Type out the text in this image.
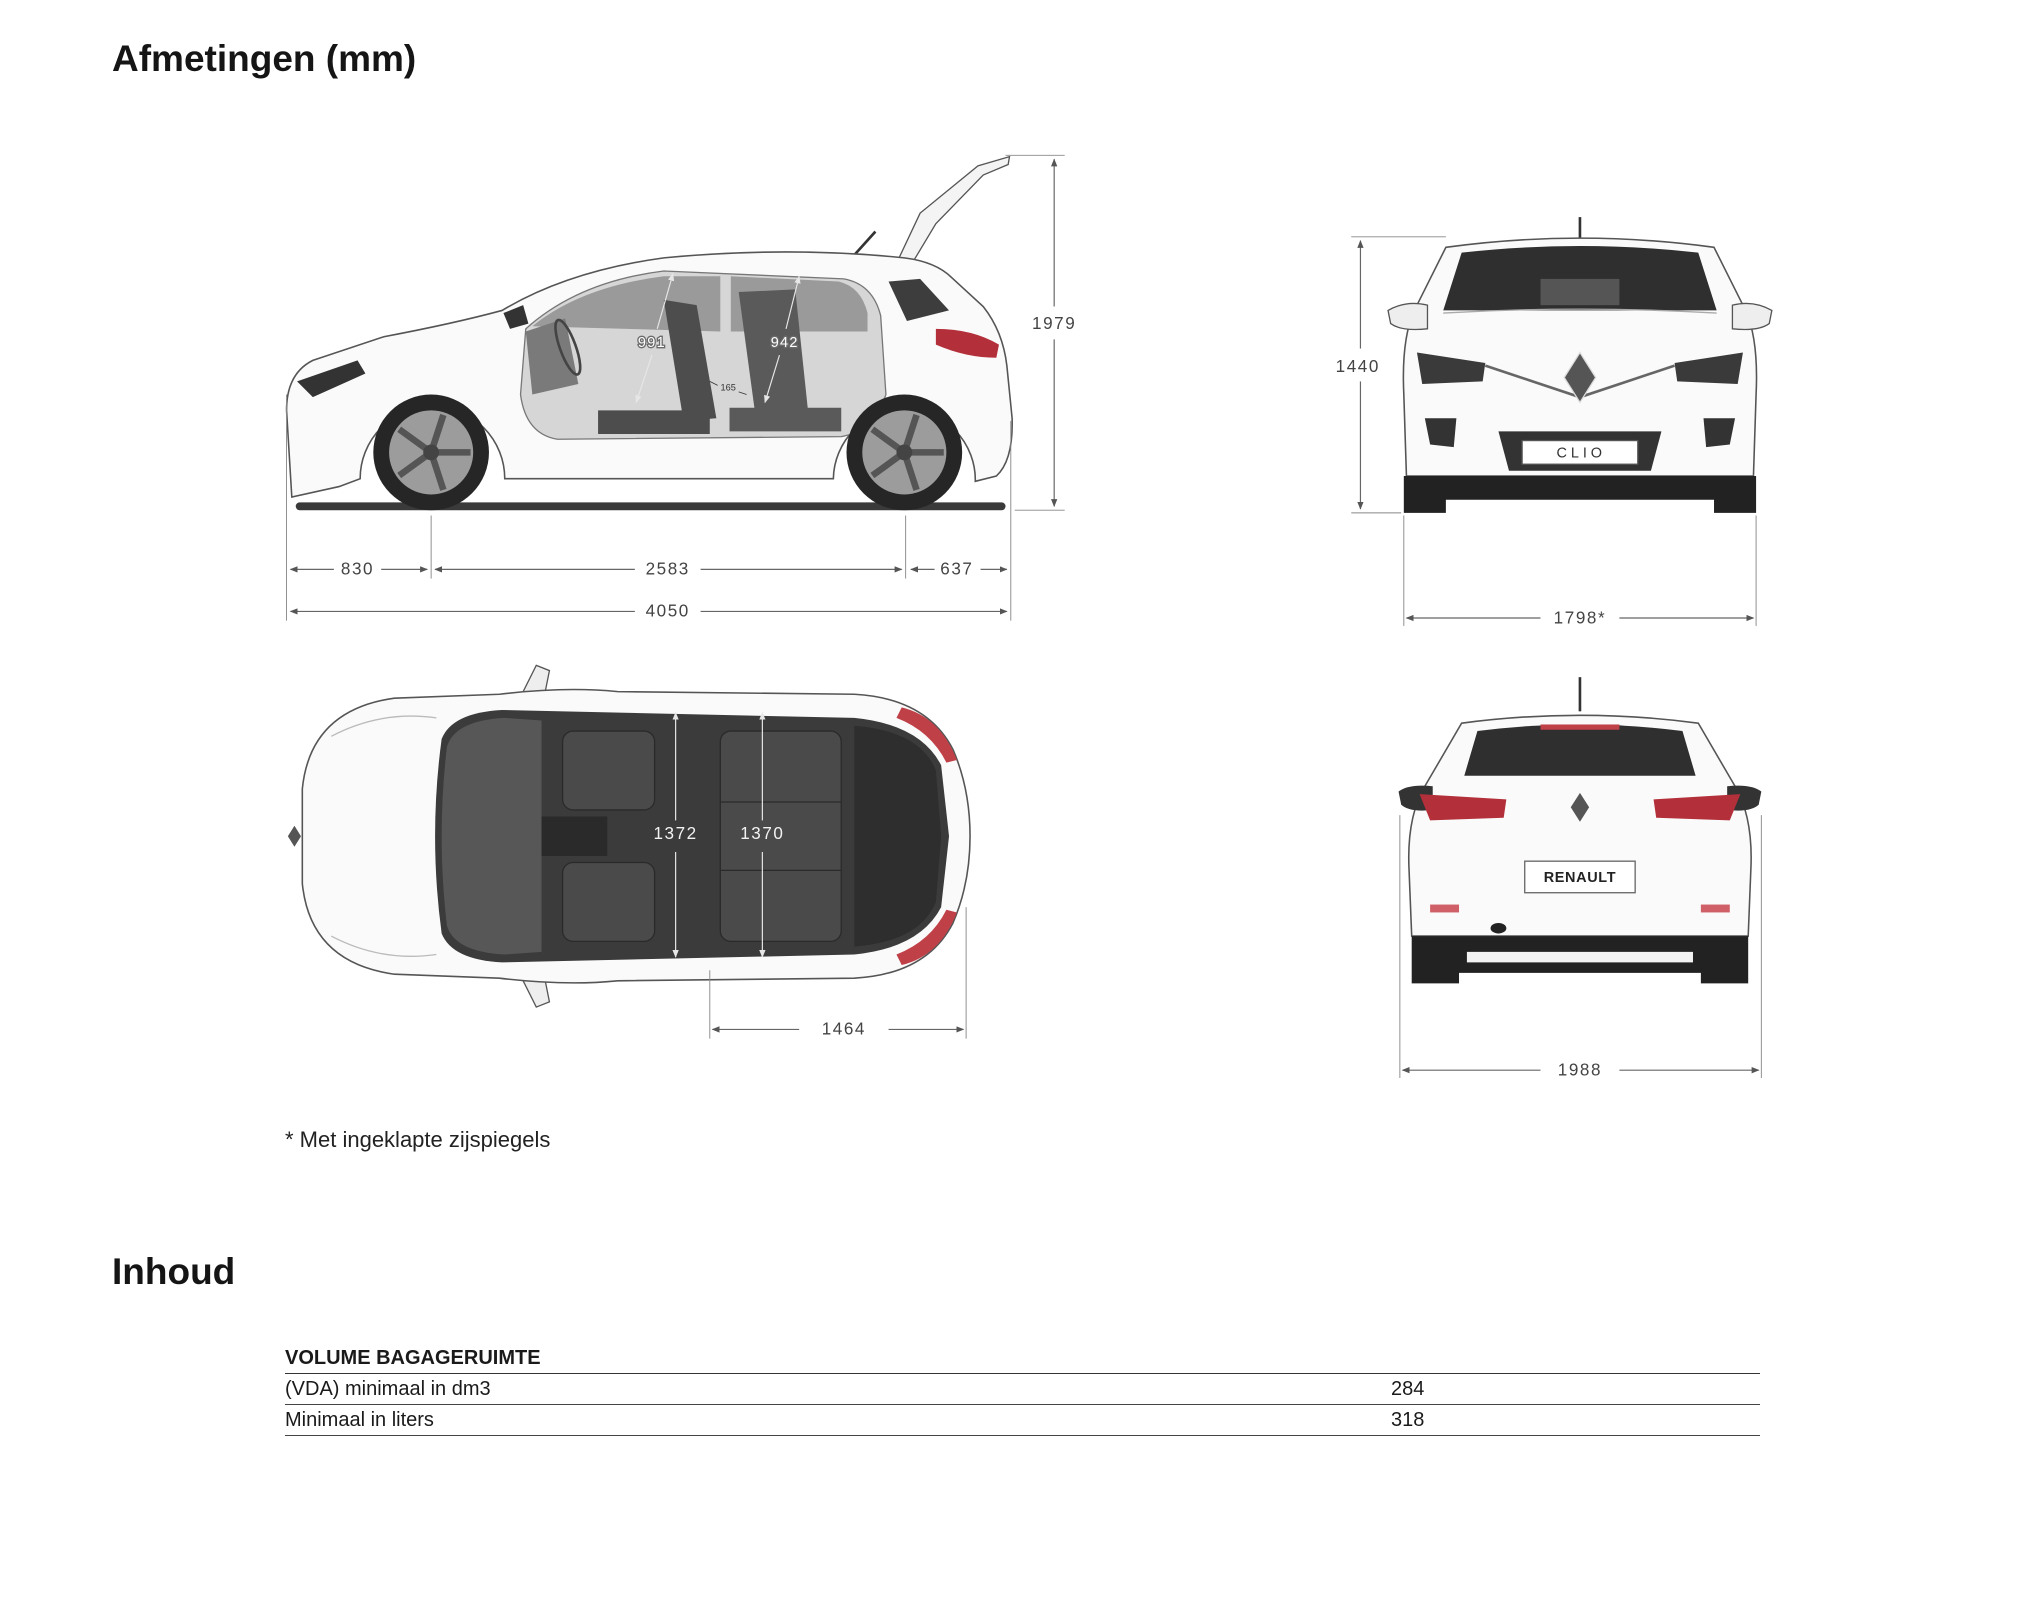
991	942
165
830	2583	637
4050
1979
CLIO
1440
1798*
1372	1370
1464
RENAULT
1988
Afmetingen (mm)
* Met ingeklapte zijspiegels
Inhoud
VOLUME BAGAGERUIMTE
(VDA) minimaal in dm3	284
Minimaal in liters	318
